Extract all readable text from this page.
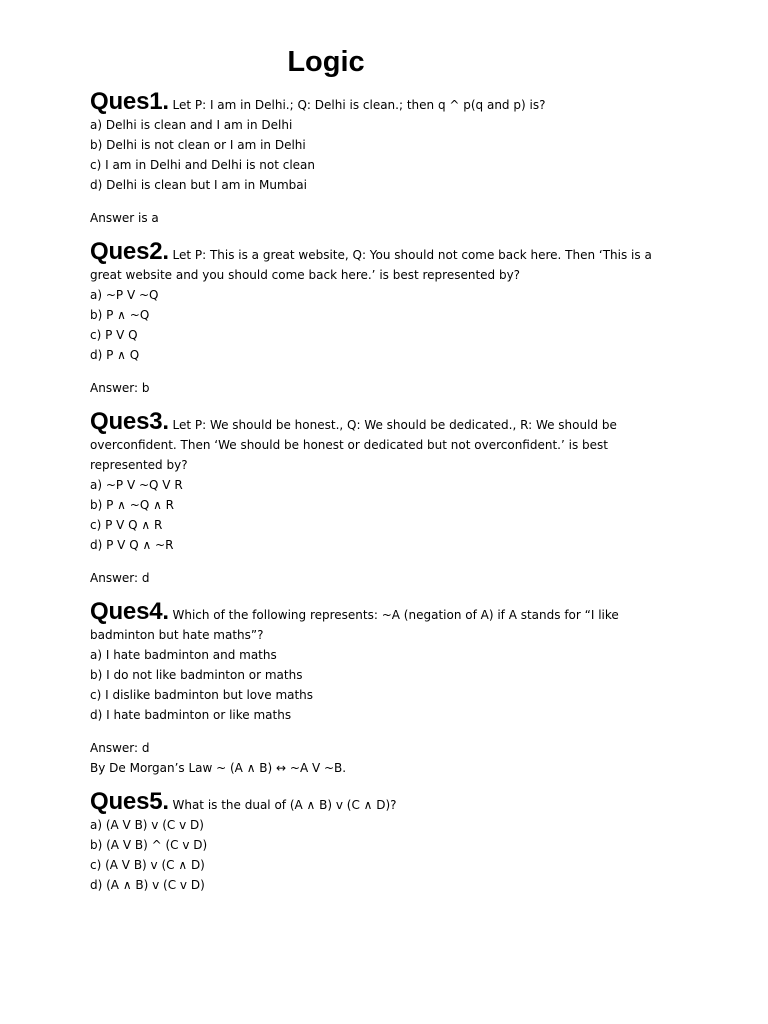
Logic

Ques1. Let P: I am in Delhi.; Q: Delhi is clean.; then q ^ p(q and p) is?

a) Delhi is clean and I am in Delhi

b) Delhi is not clean or I am in Delhi

c) I am in Delhi and Delhi is not clean

d) Delhi is clean but I am in Mumbai

Answer is a

Ques2. Let P: This is a great website, Q: You should not come back here. Then ‘This is a great website and you should come back here.’ is best represented by?

a) ~P V ~Q

b) P ∧ ~Q

c) P V Q

d) P ∧ Q

Answer: b

Ques3. Let P: We should be honest., Q: We should be dedicated., R: We should be overconfident. Then ‘We should be honest or dedicated but not overconfident.’ is best represented by?

a) ~P V ~Q V R

b) P ∧ ~Q ∧ R

c) P V Q ∧ R

d) P V Q ∧ ~R

Answer: d

Ques4. Which of the following represents: ~A (negation of A) if A stands for “I like badminton but hate maths”?

a) I hate badminton and maths

b) I do not like badminton or maths

c) I dislike badminton but love maths

d) I hate badminton or like maths

Answer: d

By De Morgan’s Law ~ (A ∧ B) ↔ ~A V ~B.

Ques5. What is the dual of (A ∧ B) v (C ∧ D)?

a) (A V B) v (C v D)

b) (A V B) ^ (C v D)

c) (A V B) v (C ∧ D)

d) (A ∧ B) v (C v D)
